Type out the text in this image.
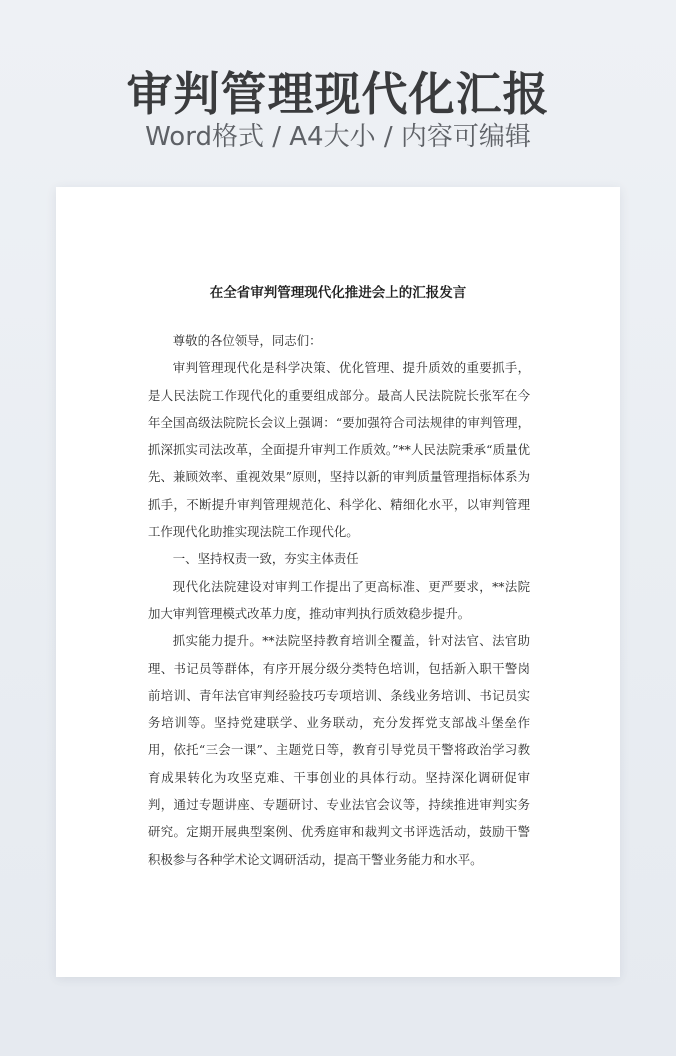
审判管理现代化汇报
Word格式 / A4大小 / 内容可编辑
在全省审判管理现代化推进会上的汇报发言

尊敬的各位领导，同志们：

审判管理现代化是科学决策、优化管理、提升质效的重要抓手，是人民法院工作现代化的重要组成部分。最高人民法院院长张军在今年全国高级法院院长会议上强调：“要加强符合司法规律的审判管理，抓深抓实司法改革，全面提升审判工作质效。”**人民法院秉承“质量优先、兼顾效率、重视效果”原则，坚持以新的审判质量管理指标体系为抓手，不断提升审判管理规范化、科学化、精细化水平，以审判管理工作现代化助推实现法院工作现代化。

一、坚持权责一致，夯实主体责任

现代化法院建设对审判工作提出了更高标准、更严要求，**法院加大审判管理模式改革力度，推动审判执行质效稳步提升。

抓实能力提升。**法院坚持教育培训全覆盖，针对法官、法官助理、书记员等群体，有序开展分级分类特色培训，包括新入职干警岗前培训、青年法官审判经验技巧专项培训、条线业务培训、书记员实务培训等。坚持党建联学、业务联动，充分发挥党支部战斗堡垒作用，依托“三会一课”、主题党日等，教育引导党员干警将政治学习教育成果转化为攻坚克难、干事创业的具体行动。坚持深化调研促审判，通过专题讲座、专题研讨、专业法官会议等，持续推进审判实务研究。定期开展典型案例、优秀庭审和裁判文书评选活动，鼓励干警积极参与各种学术论文调研活动，提高干警业务能力和水平。
